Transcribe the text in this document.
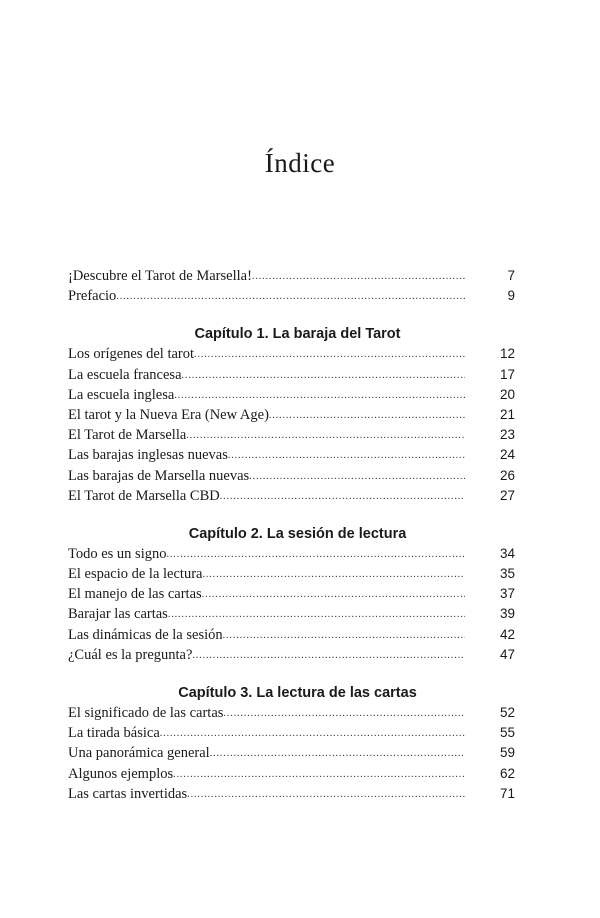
Índice
¡Descubre el Tarot de Marsella! .....	7
Prefacio .....	9
Capítulo 1. La baraja del Tarot
Los orígenes del tarot .....	12
La escuela francesa .....	17
La escuela inglesa .....	20
El tarot y la Nueva Era (New Age) .....	21
El Tarot de Marsella .....	23
Las barajas inglesas nuevas .....	24
Las barajas de Marsella nuevas .....	26
El Tarot de Marsella CBD .....	27
Capítulo 2. La sesión de lectura
Todo es un signo .....	34
El espacio de la lectura .....	35
El manejo de las cartas .....	37
Barajar las cartas .....	39
Las dinámicas de la sesión .....	42
¿Cuál es la pregunta? .....	47
Capítulo 3. La lectura de las cartas
El significado de las cartas .....	52
La tirada básica .....	55
Una panorámica general .....	59
Algunos ejemplos .....	62
Las cartas invertidas .....	71
